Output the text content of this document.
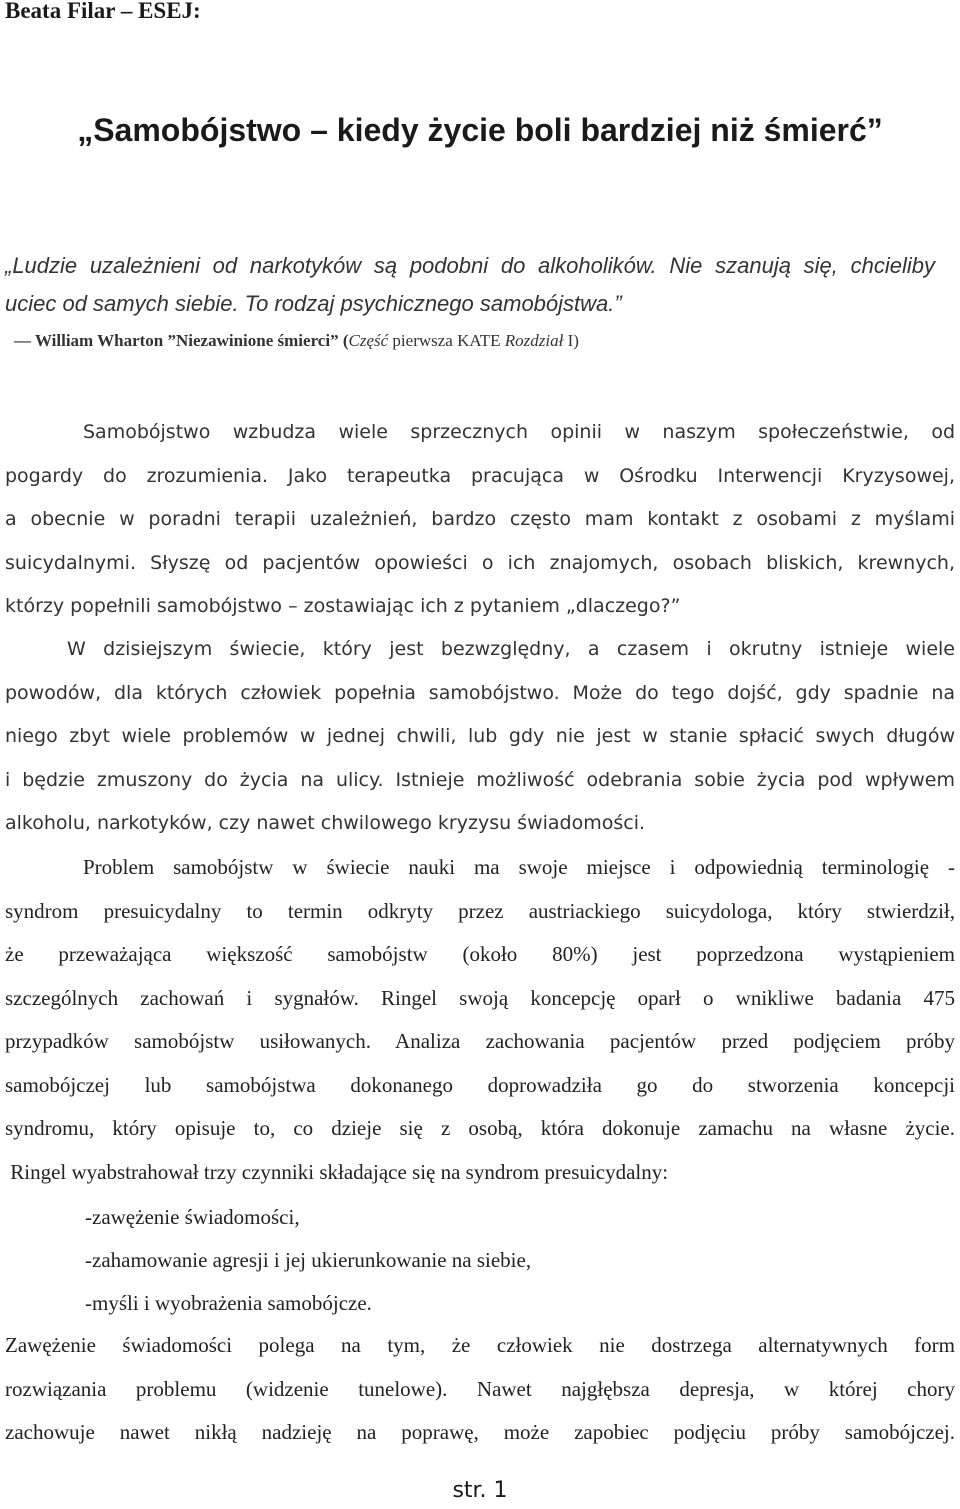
Beata Filar – ESEJ:
„Samobójstwo – kiedy życie boli bardziej niż śmierć”
„Ludzie uzależnieni od narkotyków są podobni do alkoholików. Nie szanują się, chcieliby
uciec od samych siebie. To rodzaj psychicznego samobójstwa.”
— William Wharton ”Niezawinione śmierci” (Część pierwsza KATE Rozdział I)
Samobójstwo wzbudza wiele sprzecznych opinii w naszym społeczeństwie, od
pogardy do zrozumienia. Jako terapeutka pracująca w Ośrodku Interwencji Kryzysowej,
a obecnie w poradni terapii uzależnień, bardzo często mam kontakt z osobami z myślami
suicydalnymi. Słyszę od pacjentów opowieści o ich znajomych, osobach bliskich, krewnych,
którzy popełnili samobójstwo – zostawiając ich z pytaniem „dlaczego?”
W dzisiejszym świecie, który jest bezwzględny, a czasem i okrutny istnieje wiele
powodów, dla których człowiek popełnia samobójstwo. Może do tego dojść, gdy spadnie na
niego zbyt wiele problemów w jednej chwili, lub gdy nie jest w stanie spłacić swych długów
i będzie zmuszony do życia na ulicy. Istnieje możliwość odebrania sobie życia pod wpływem
alkoholu, narkotyków, czy nawet chwilowego kryzysu świadomości.
Problem samobójstw w świecie nauki ma swoje miejsce i odpowiednią terminologię -
syndrom presuicydalny to termin odkryty przez austriackiego suicydologa, który stwierdził,
że przeważająca większość samobójstw (około 80%) jest poprzedzona wystąpieniem
szczególnych zachowań i sygnałów. Ringel swoją koncepcję oparł o wnikliwe badania 475
przypadków samobójstw usiłowanych. Analiza zachowania pacjentów przed podjęciem próby
samobójczej lub samobójstwa dokonanego doprowadziła go do stworzenia koncepcji
syndromu, który opisuje to, co dzieje się z osobą, która dokonuje zamachu na własne życie.
Ringel wyabstrahował trzy czynniki składające się na syndrom presuicydalny:
-zawężenie świadomości,
-zahamowanie agresji i jej ukierunkowanie na siebie,
-myśli i wyobrażenia samobójcze.
Zawężenie świadomości polega na tym, że człowiek nie dostrzega alternatywnych form
rozwiązania problemu (widzenie tunelowe). Nawet najgłębsza depresja, w której chory
zachowuje nawet nikłą nadzieję na poprawę, może zapobiec podjęciu próby samobójczej.
str. 1
